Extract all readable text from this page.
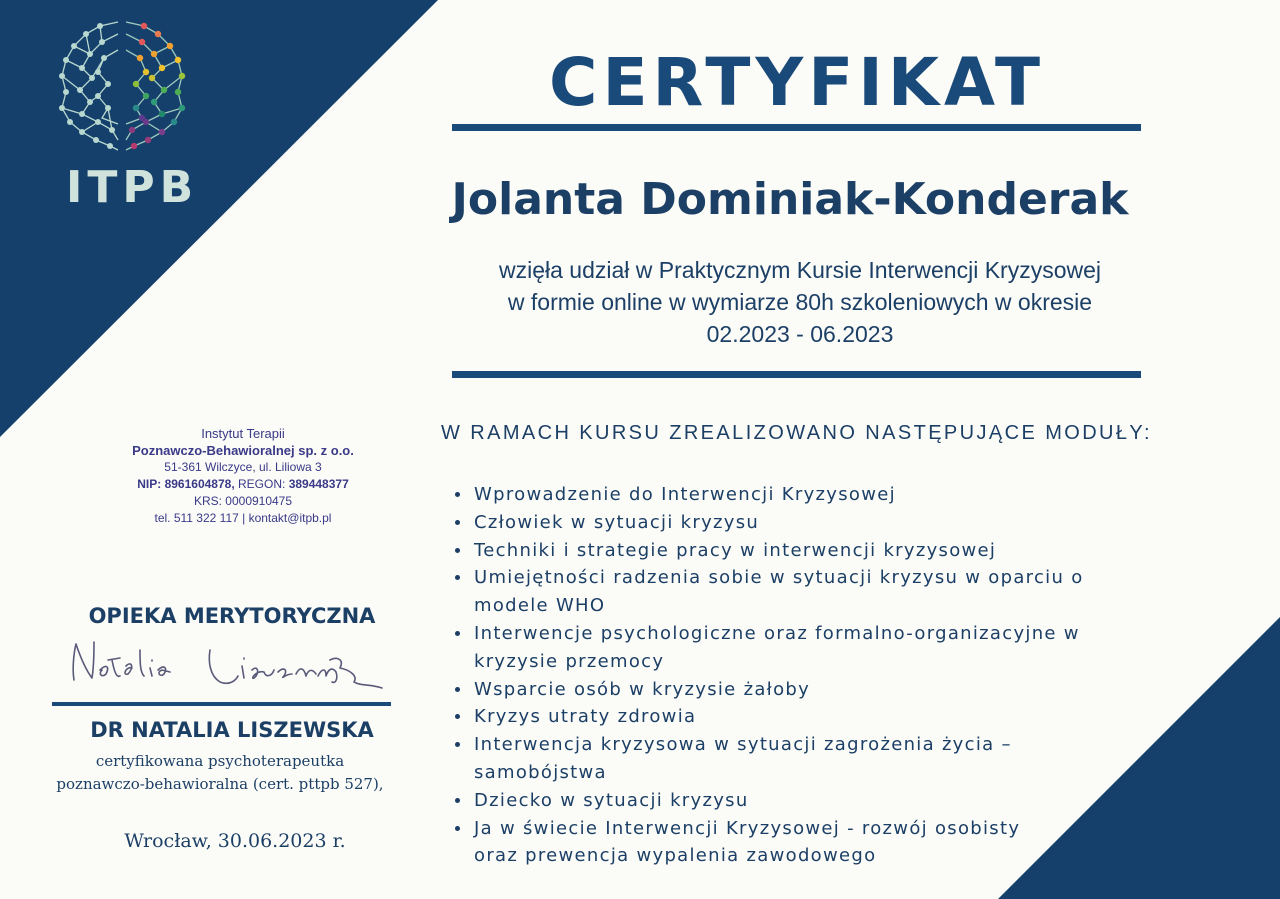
ITPB
CERTYFIKAT
Jolanta Dominiak-Konderak
wzięła udział w Praktycznym Kursie Interwencji Kryzysowej
w formie online w wymiarze 80h szkoleniowych w okresie
02.2023 - 06.2023
Instytut Terapii
Poznawczo-Behawioralnej sp. z o.o.
51-361 Wilczyce, ul. Liliowa 3
NIP: 8961604878, REGON: 389448377
KRS: 0000910475
tel. 511 322 117 | kontakt@itpb.pl
OPIEKA MERYTORYCZNA
DR NATALIA LISZEWSKA
certyfikowana psychoterapeutka
poznawczo-behawioralna (cert. pttpb 527),
Wrocław, 30.06.2023 r.
W RAMACH KURSU ZREALIZOWANO NASTĘPUJĄCE MODUŁY:
Wprowadzenie do Interwencji Kryzysowej
Człowiek w sytuacji kryzysu
Techniki i strategie pracy w interwencji kryzysowej
Umiejętności radzenia sobie w sytuacji kryzysu w oparciu o
modele WHO
Interwencje psychologiczne oraz formalno-organizacyjne w
kryzysie przemocy
Wsparcie osób w kryzysie żałoby
Kryzys utraty zdrowia
Interwencja kryzysowa w sytuacji zagrożenia życia –
samobójstwa
Dziecko w sytuacji kryzysu
Ja w świecie Interwencji Kryzysowej - rozwój osobisty
oraz prewencja wypalenia zawodowego
